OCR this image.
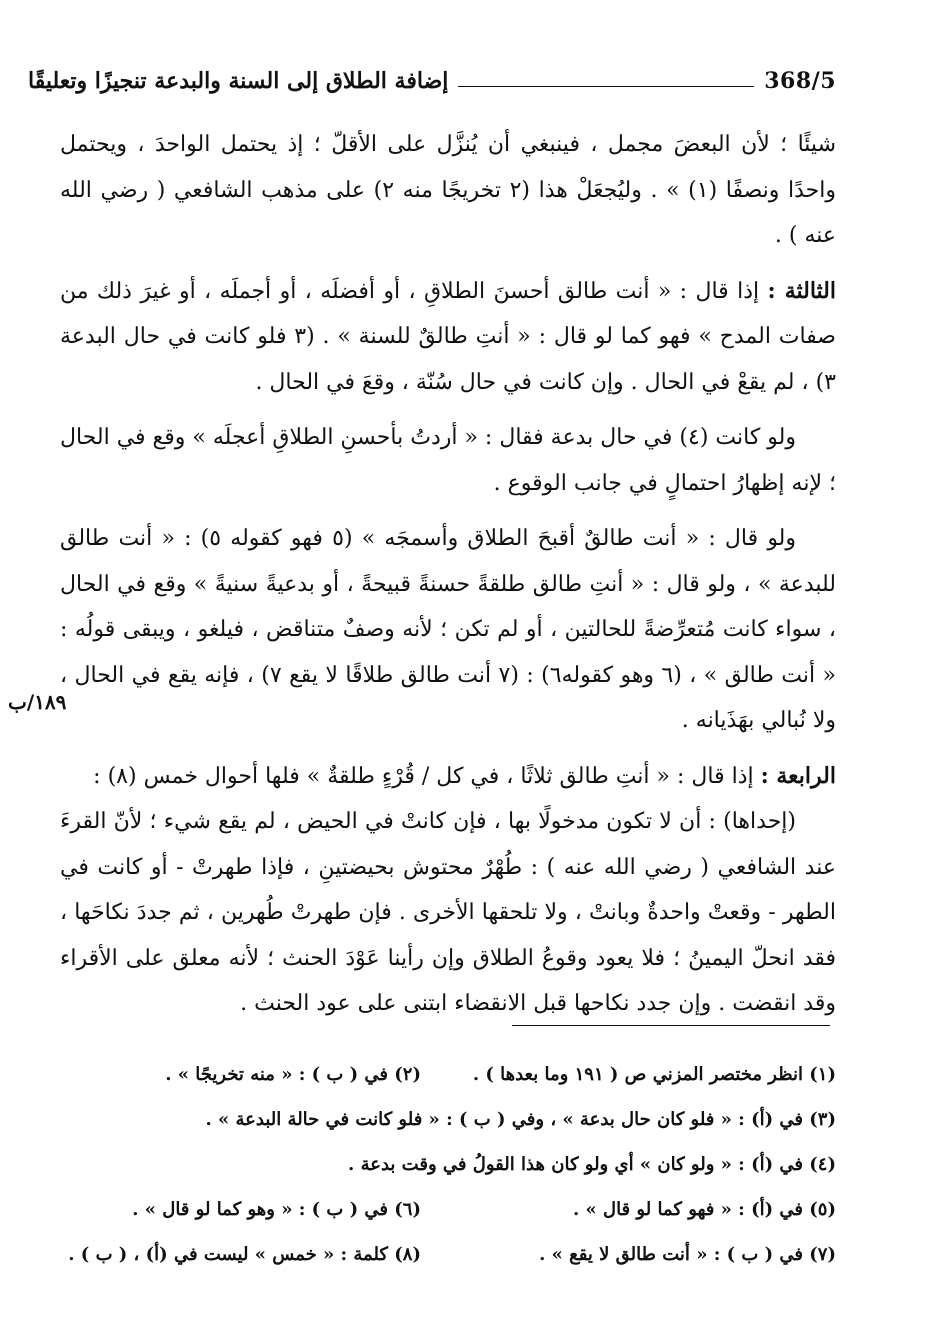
368/5
إضافة الطلاق إلى السنة والبدعة تنجيزًا وتعليقًا
١٨٩/ب

شيئًا ؛ لأن البعضَ مجمل ، فينبغي أن يُنزَّل على الأقلّ ؛ إذ يحتمل الواحدَ ، ويحتمل واحدًا ونصفًا (١) » . وليُجعَلْ هذا (٢ تخريجًا منه ٢) على مذهب الشافعي ( رضي الله عنه ) .

الثالثة : إذا قال : « أنت طالق أحسنَ الطلاقِ ، أو أفضلَه ، أو أجملَه ، أو غيرَ ذلك من صفات المدح » فهو كما لو قال : « أنتِ طالقٌ للسنة » . (٣ فلو كانت في حال البدعة ٣) ، لم يقعْ في الحال . وإن كانت في حال سُنّة ، وقعَ في الحال .

ولو كانت (٤) في حال بدعة فقال : « أردتُ بأحسنِ الطلاقِ أعجلَه » وقع في الحال ؛ لإنه إظهارُ احتمالٍ في جانب الوقوع .

ولو قال : « أنت طالقٌ أقبحَ الطلاق وأسمجَه » (٥ فهو كقوله ٥) : « أنت طالق للبدعة » ، ولو قال : « أنتِ طالق طلقةً حسنةً قبيحةً ، أو بدعيةً سنيةً » وقع في الحال ، سواء كانت مُتعرِّضةً للحالتين ، أو لم تكن ؛ لأنه وصفٌ متناقض ، فيلغو ، ويبقى قولُه : « أنت طالق » ، (٦ وهو كقوله٦) : (٧ أنت طالق طلاقًا لا يقع ٧) ، فإنه يقع في الحال ، ولا نُبالي بهَذَيانه .

الرابعة : إذا قال : « أنتِ طالق ثلاثًا ، في كل / قُرْءٍ طلقةٌ » فلها أحوال خمس (٨) :

(إحداها) : أن لا تكون مدخولًا بها ، فإن كانتْ في الحيض ، لم يقع شيء ؛ لأنّ القرءَ عند الشافعي ( رضي الله عنه ) : طُهْرٌ محتوش بحيضتينِ ، فإذا طهرتْ - أو كانت في الطهر - وقعتْ واحدةٌ وبانتْ ، ولا تلحقها الأخرى . فإن طهرتْ طُهرين ، ثم جددَ نكاحَها ، فقد انحلّ اليمينُ ؛ فلا يعود وقوعُ الطلاق وإن رأينا عَوْدَ الحنث ؛ لأنه معلق على الأقراء وقد انقضت . وإن جدد نكاحها قبل الانقضاء ابتنى على عود الحنث .

(١) انظر مختصر المزني ص ( ١٩١ وما بعدها ) .
(٢) في ( ب ) : « منه تخريجًا » .
(٣) في (أ) : « فلو كان حال بدعة » ، وفي ( ب ) : « فلو كانت في حالة البدعة » .
(٤) في (أ) : « ولو كان » أي ولو كان هذا القولُ في وقت بدعة .
(٥) في (أ) : « فهو كما لو قال » .
(٦) في ( ب ) : « وهو كما لو قال » .
(٧) في ( ب ) : « أنت طالق لا يقع » .
(٨) كلمة : « خمس » ليست في (أ) ، ( ب ) .
